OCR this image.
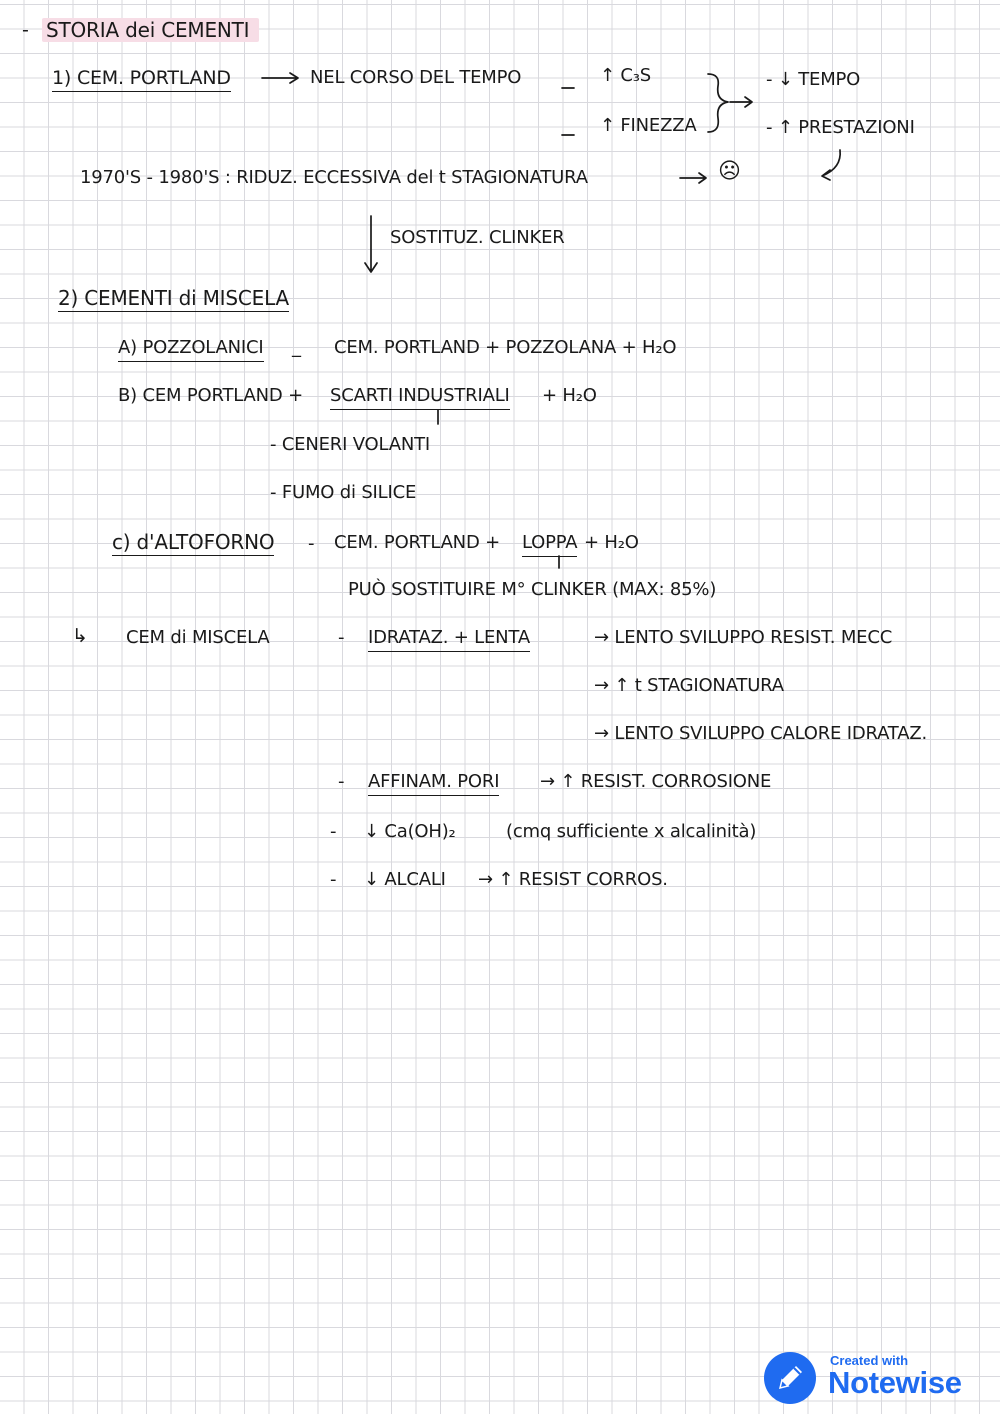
- STORIA dei CEMENTI
1) CEM. PORTLAND	NEL CORSO DEL TEMPO	↑ C₃S
↑ FINEZZA
- ↓ TEMPO
- ↑ PRESTAZIONI
1970'S - 1980'S : RIDUZ. ECCESSIVA del t STAGIONATURA	☹
SOSTITUZ. CLINKER
2) CEMENTI di MISCELA
A) POZZOLANICI _ CEM. PORTLAND + POZZOLANA + H₂O
B) CEM PORTLAND + SCARTI INDUSTRIALI + H₂O
- CENERI VOLANTI
- FUMO di SILICE
c) d'ALTOFORNO - CEM. PORTLAND + LOPPA + H₂O
PUÒ SOSTITUIRE M° CLINKER (MAX: 85%)
↳ CEM di MISCELA	- IDRATAZ. + LENTA	→ LENTO SVILUPPO RESIST. MECC
→ ↑ t STAGIONATURA
→ LENTO SVILUPPO CALORE IDRATAZ.
- AFFINAM. PORI → ↑ RESIST. CORROSIONE
- ↓ Ca(OH)₂	(cmq sufficiente x alcalinità)
- ↓ ALCALI → ↑ RESIST CORROS.
Created with
Notewise
